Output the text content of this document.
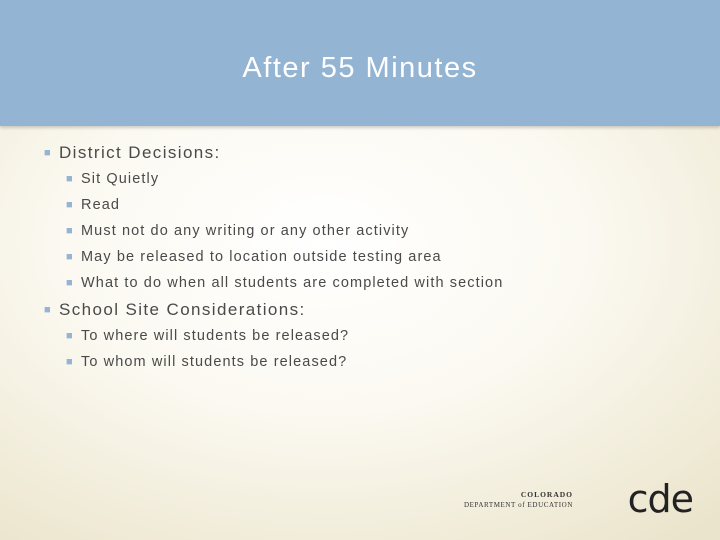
After 55 Minutes
■ District Decisions:
■ Sit Quietly
■ Read
■ Must not do any writing or any other activity
■ May be released to location outside testing area
■ What to do when all students are completed with section
■ School Site Considerations:
■ To where will students be released?
■ To whom will students be released?
COLORADO
DEPARTMENT of EDUCATION cde
